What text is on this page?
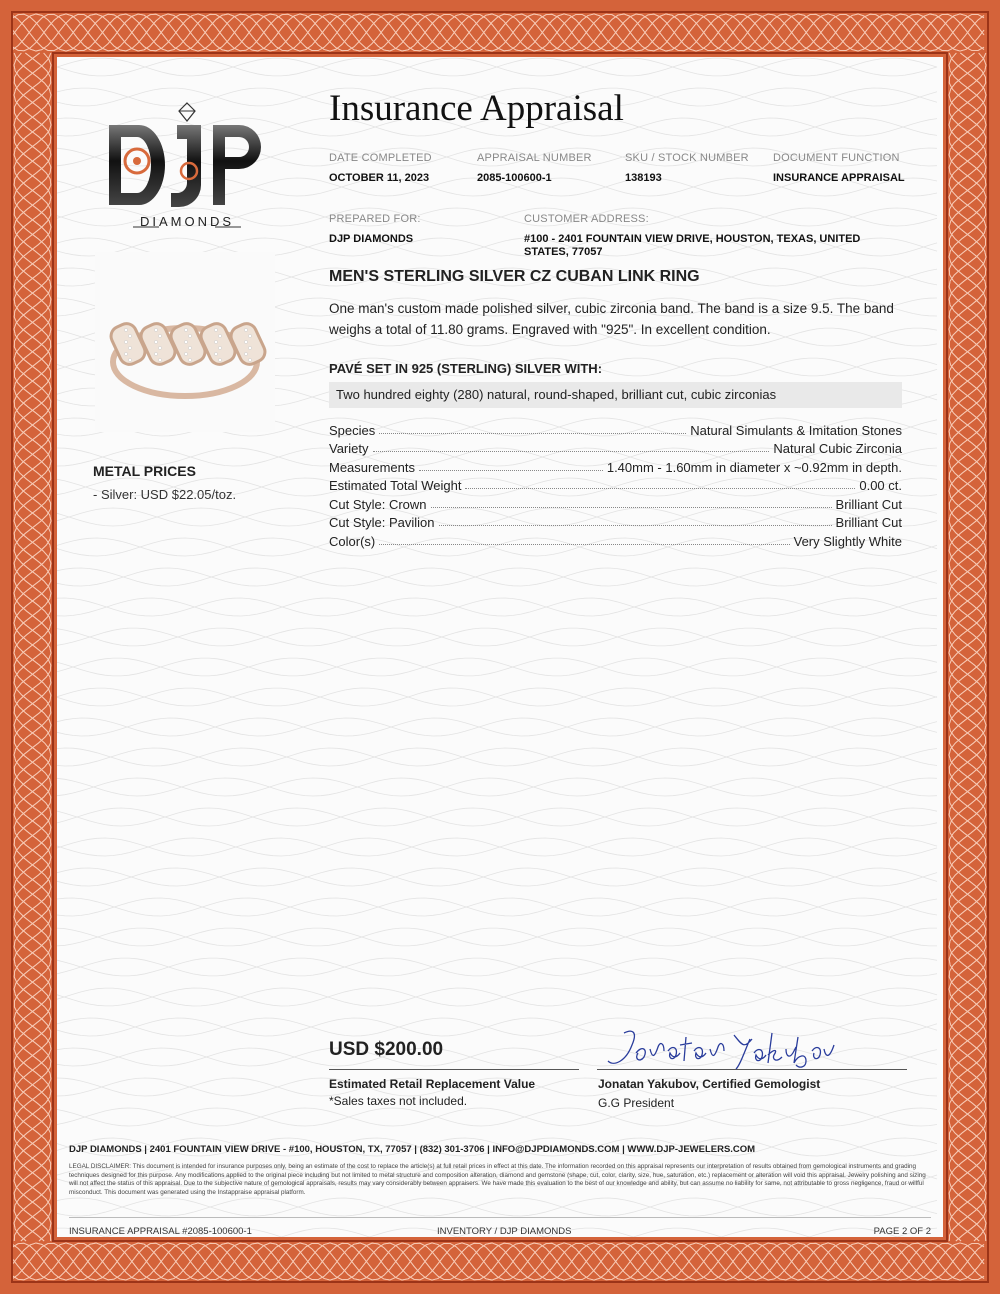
DIAMONDS
METAL PRICES
- Silver: USD $22.05/toz.
Insurance Appraisal
DATE COMPLETED
OCTOBER 11, 2023
APPRAISAL NUMBER
2085-100600-1
SKU / STOCK NUMBER
138193
DOCUMENT FUNCTION
INSURANCE APPRAISAL
PREPARED FOR:
DJP DIAMONDS
CUSTOMER ADDRESS:
#100 - 2401 FOUNTAIN VIEW DRIVE, HOUSTON, TEXAS, UNITED STATES, 77057
MEN'S STERLING SILVER CZ CUBAN LINK RING
One man's custom made polished silver, cubic zirconia band. The band is a size 9.5. The band weighs a total of 11.80 grams. Engraved with "925". In excellent condition.
PAVÉ SET IN 925 (STERLING) SILVER WITH:
Two hundred eighty (280) natural, round-shaped, brilliant cut, cubic zirconias
Species	Natural Simulants & Imitation Stones
Variety	Natural Cubic Zirconia
Measurements	1.40mm - 1.60mm in diameter x ~0.92mm in depth.
Estimated Total Weight	0.00 ct.
Cut Style: Crown	Brilliant Cut
Cut Style: Pavilion	Brilliant Cut
Color(s)	Very Slightly White
USD $200.00
Estimated Retail Replacement Value
*Sales taxes not included.
Jonatan Yakubov, Certified Gemologist
G.G President
DJP DIAMONDS | 2401 FOUNTAIN VIEW DRIVE - #100, HOUSTON, TX, 77057 | (832) 301-3706 | INFO@DJPDIAMONDS.COM | WWW.DJP-JEWELERS.COM
LEGAL DISCLAIMER: This document is intended for insurance purposes only, being an estimate of the cost to replace the article(s) at full retail prices in effect at this date. The information recorded on this appraisal represents our interpretation of results obtained from gemological instruments and grading techniques designed for this purpose. Any modifications applied to the original piece including but not limited to metal structure and composition alteration, diamond and gemstone (shape, cut, color, clarity, size, hue, saturation, etc.) replacement or alteration will void this appraisal. Jewelry polishing and sizing will not affect the status of this appraisal. Due to the subjective nature of gemological appraisals, results may vary considerably between appraisers. We have made this evaluation to the best of our knowledge and ability, but can assume no liability for same, not attributable to gross negligence, fraud or willful misconduct. This document was generated using the Instappraise appraisal platform.
INSURANCE APPRAISAL #2085-100600-1	INVENTORY / DJP DIAMONDS	PAGE 2 OF 2
